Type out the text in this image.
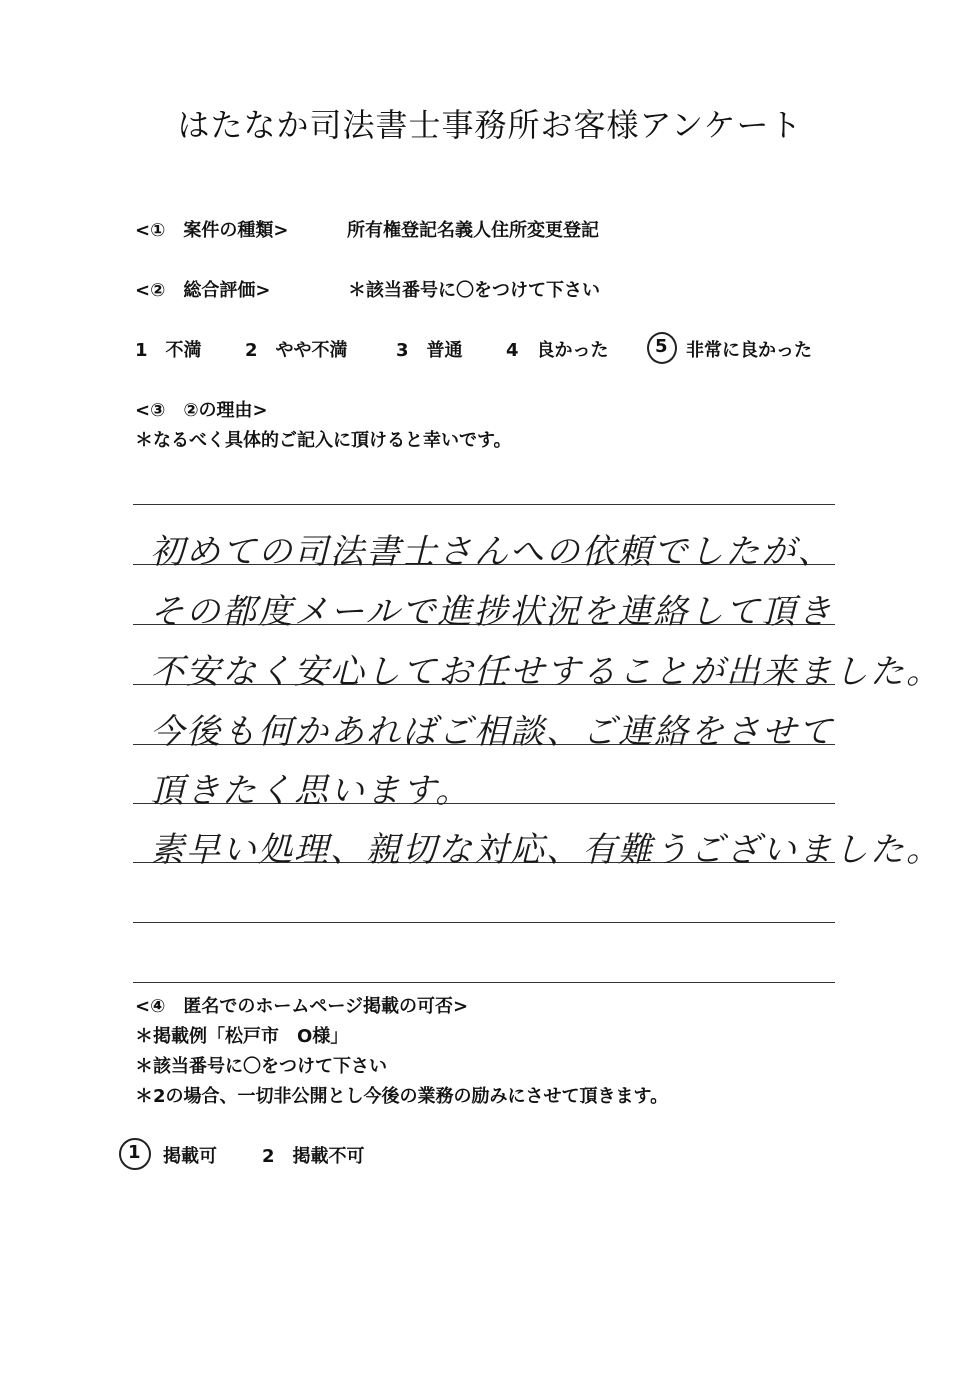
はたなか司法書士事務所お客様アンケート
<①　案件の種類>	所有権登記名義人住所変更登記
<②　総合評価>	＊該当番号に〇をつけて下さい
1　不満 2　やや不満	3　普通 4　良かった	5 非常に良かった
<③　②の理由>
＊なるべく具体的ご記入に頂けると幸いです。
初めての司法書士さんへの依頼でしたが、
その都度メールで進捗状況を連絡して頂き
不安なく安心してお任せすることが出来ました。
今後も何かあればご相談、ご連絡をさせて
頂きたく思います。
素早い処理、親切な対応、有難うございました。
<④　匿名でのホームページ掲載の可否>
＊掲載例「松戸市　O様」
＊該当番号に〇をつけて下さい
＊2の場合、一切非公開とし今後の業務の励みにさせて頂きます。
1 掲載可	2　掲載不可
